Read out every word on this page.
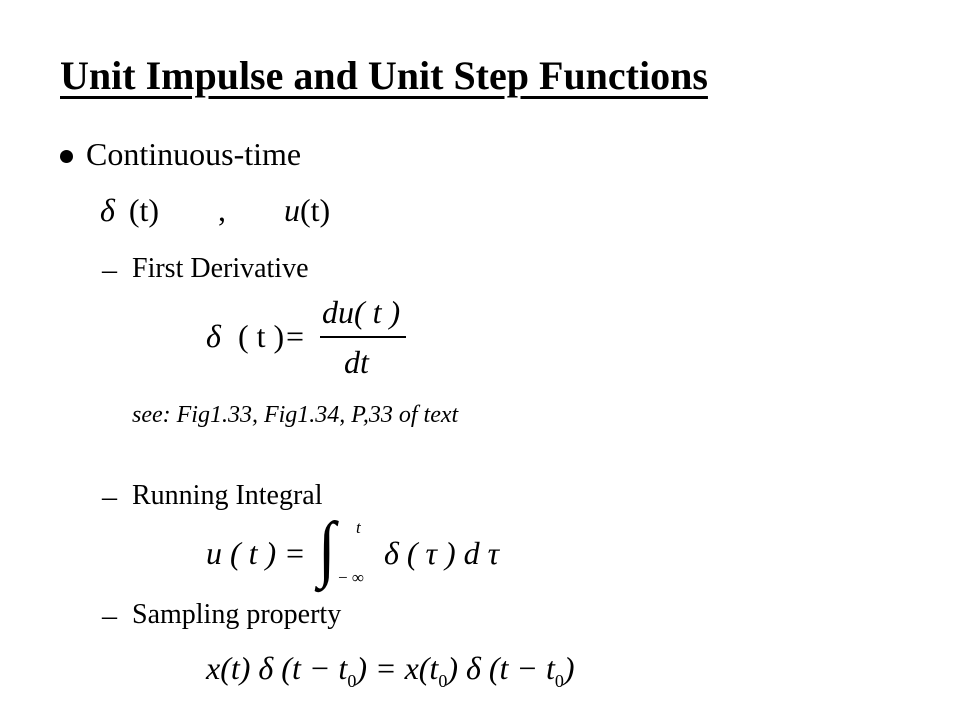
Unit Impulse and Unit Step Functions
Continuous-time
δ (t) , u(t)
– First Derivative
δ ( t ) =
du( t )
dt
see: Fig1.33, Fig1.34, P,33 of text
– Running Integral
u ( t ) = ∫ t
− ∞
δ ( τ ) d τ
– Sampling property
x(t) δ $(t - t_0) = x(t_0)$ δ $(t - t_0)$
